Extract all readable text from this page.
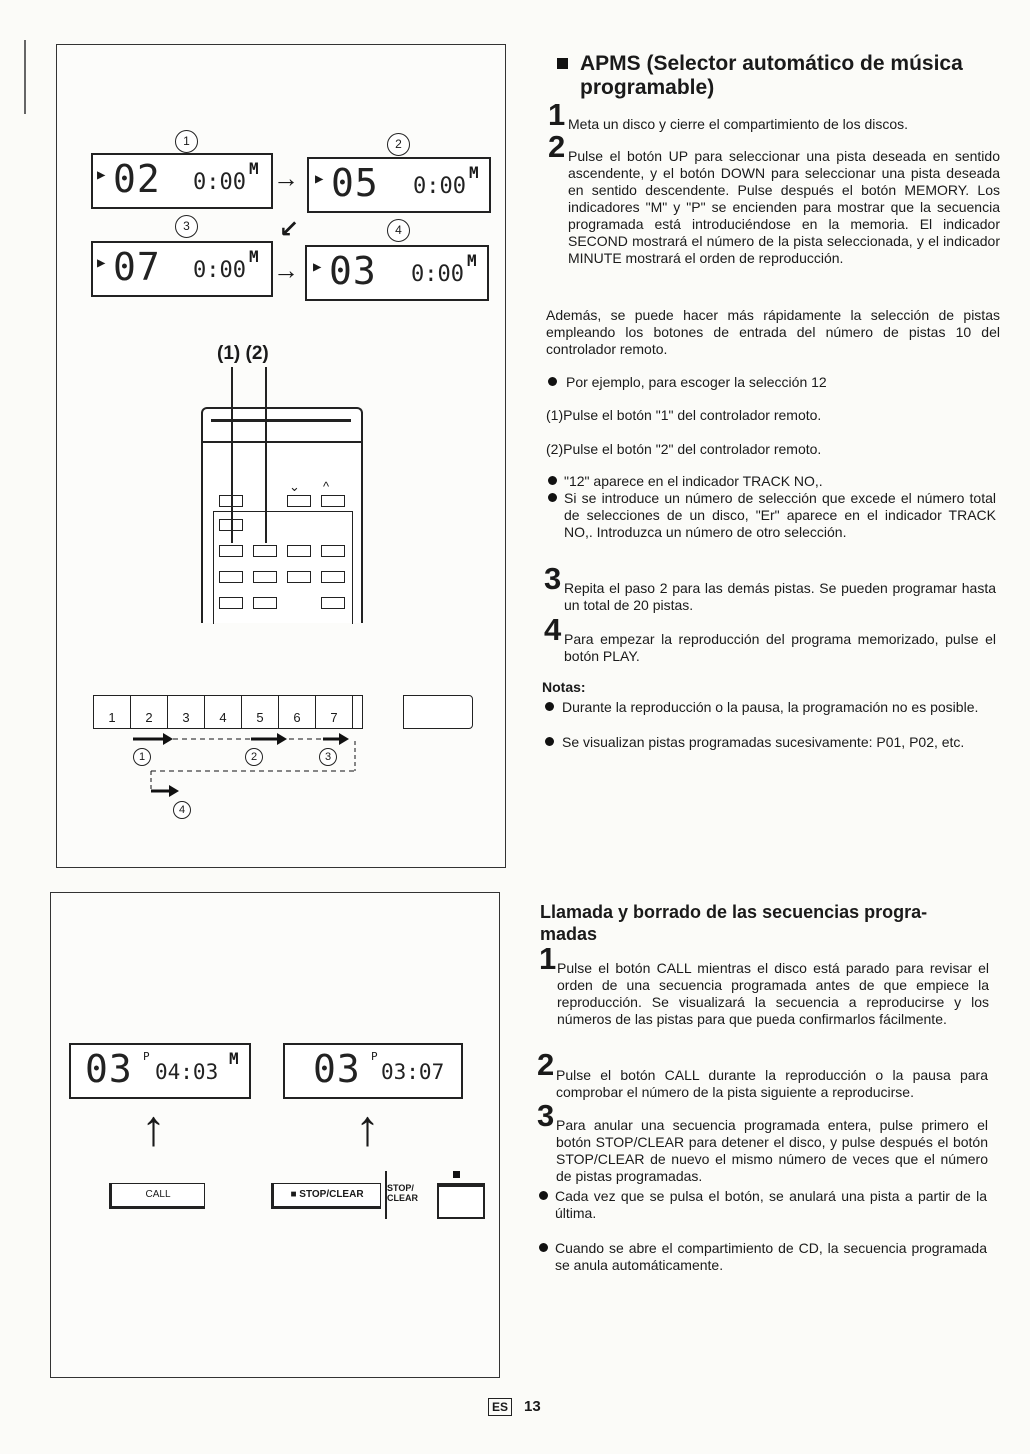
1	2
▶ 02 0:00
M → ▶ 05 0:00
M
3	↙	4
▶ 07 0:00
M → ▶ 03 0:00
M
(1) (2)
⌄ ^
1	2	3	4	5	6	7
1	2	3
4
03 P
04:03
M 03 P
03:07
↑	↑
CALL	■ STOP/CLEAR
STOP/
CLEAR
APMS (Selector automático de música
programable)
1 Meta un disco y cierre el compartimiento de los discos.
2 Pulse el botón UP para seleccionar una pista deseada en sentido ascendente, y el botón DOWN para seleccionar una pista deseada en sentido descendente. Pulse después el botón MEMORY. Los indicadores "M" y "P" se encienden para mostrar que la secuencia programada está introduciéndose en la memoria. El indicador SECOND mostrará el número de la pista seleccionada, y el indicador MINUTE mostrará el orden de reproducción.
Además, se puede hacer más rápidamente la selección de pistas empleando los botones de entrada del número de pistas 10 del controlador remoto.
Por ejemplo, para escoger la selección 12
(1)Pulse el botón "1" del controlador remoto.
(2)Pulse el botón "2" del controlador remoto.
"12" aparece en el indicador TRACK NO,.
Si se introduce un número de selección que excede el número total de selecciones de un disco, "Er" aparece en el indicador TRACK NO,. Introduzca un número de otro selección.
3 Repita el paso 2 para las demás pistas. Se pueden programar hasta un total de 20 pistas.
4 Para empezar la reproducción del programa memorizado, pulse el botón PLAY.
Notas:
Durante la reproducción o la pausa, la programación no es posible.
Se visualizan pistas programadas sucesivamente: P01, P02, etc.
Llamada y borrado de las secuencias progra-
madas
1 Pulse el botón CALL mientras el disco está parado para revisar el orden de una secuencia programada antes de que empiece la reproducción. Se visualizará la secuencia a reproducirse y los números de las pistas para que pueda confirmarlos fácilmente.
2 Pulse el botón CALL durante la reproducción o la pausa para comprobar el número de la pista siguiente a reproducirse.
3 Para anular una secuencia programada entera, pulse primero el botón STOP/CLEAR para detener el disco, y pulse después el botón STOP/CLEAR de nuevo el mismo número de veces que el número de pistas programadas.
Cada vez que se pulsa el botón, se anulará una pista a partir de la última.
Cuando se abre el compartimiento de CD, la secuencia programada se anula automáticamente.
ES 13
